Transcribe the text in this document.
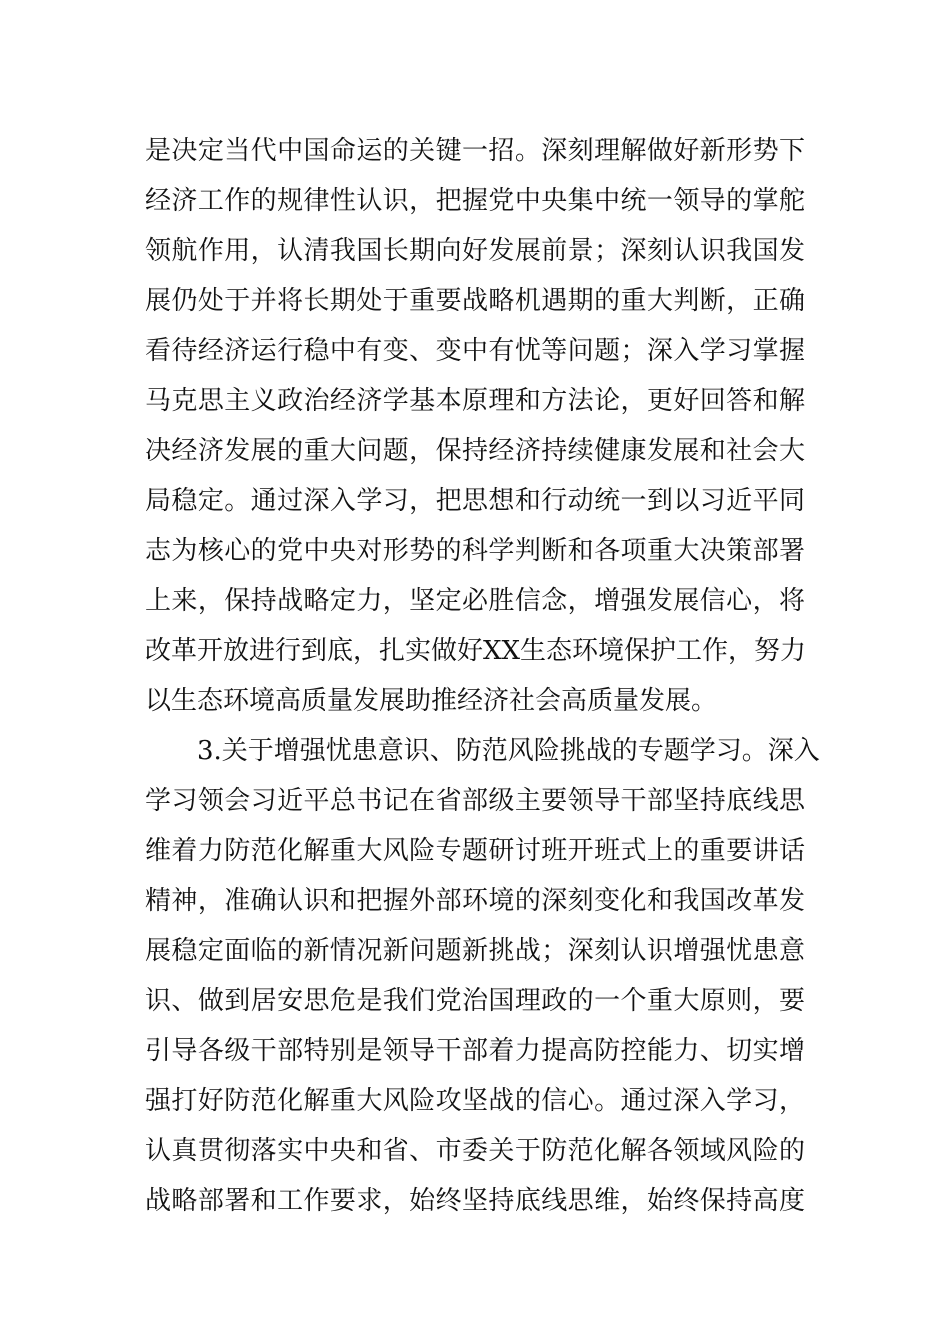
是决定当代中国命运的关键一招。深刻理解做好新形势下
经济工作的规律性认识，把握党中央集中统一领导的掌舵
领航作用，认清我国长期向好发展前景；深刻认识我国发
展仍处于并将长期处于重要战略机遇期的重大判断，正确
看待经济运行稳中有变、变中有忧等问题；深入学习掌握
马克思主义政治经济学基本原理和方法论，更好回答和解
决经济发展的重大问题，保持经济持续健康发展和社会大
局稳定。通过深入学习，把思想和行动统一到以习近平同
志为核心的党中央对形势的科学判断和各项重大决策部署
上来，保持战略定力，坚定必胜信念，增强发展信心，将
改革开放进行到底，扎实做好XX生态环境保护工作，努力
以生态环境高质量发展助推经济社会高质量发展。
3.关于增强忧患意识、防范风险挑战的专题学习。深入
学习领会习近平总书记在省部级主要领导干部坚持底线思
维着力防范化解重大风险专题研讨班开班式上的重要讲话
精神，准确认识和把握外部环境的深刻变化和我国改革发
展稳定面临的新情况新问题新挑战；深刻认识增强忧患意
识、做到居安思危是我们党治国理政的一个重大原则，要
引导各级干部特别是领导干部着力提高防控能力、切实增
强打好防范化解重大风险攻坚战的信心。通过深入学习，
认真贯彻落实中央和省、市委关于防范化解各领域风险的
战略部署和工作要求，始终坚持底线思维，始终保持高度
